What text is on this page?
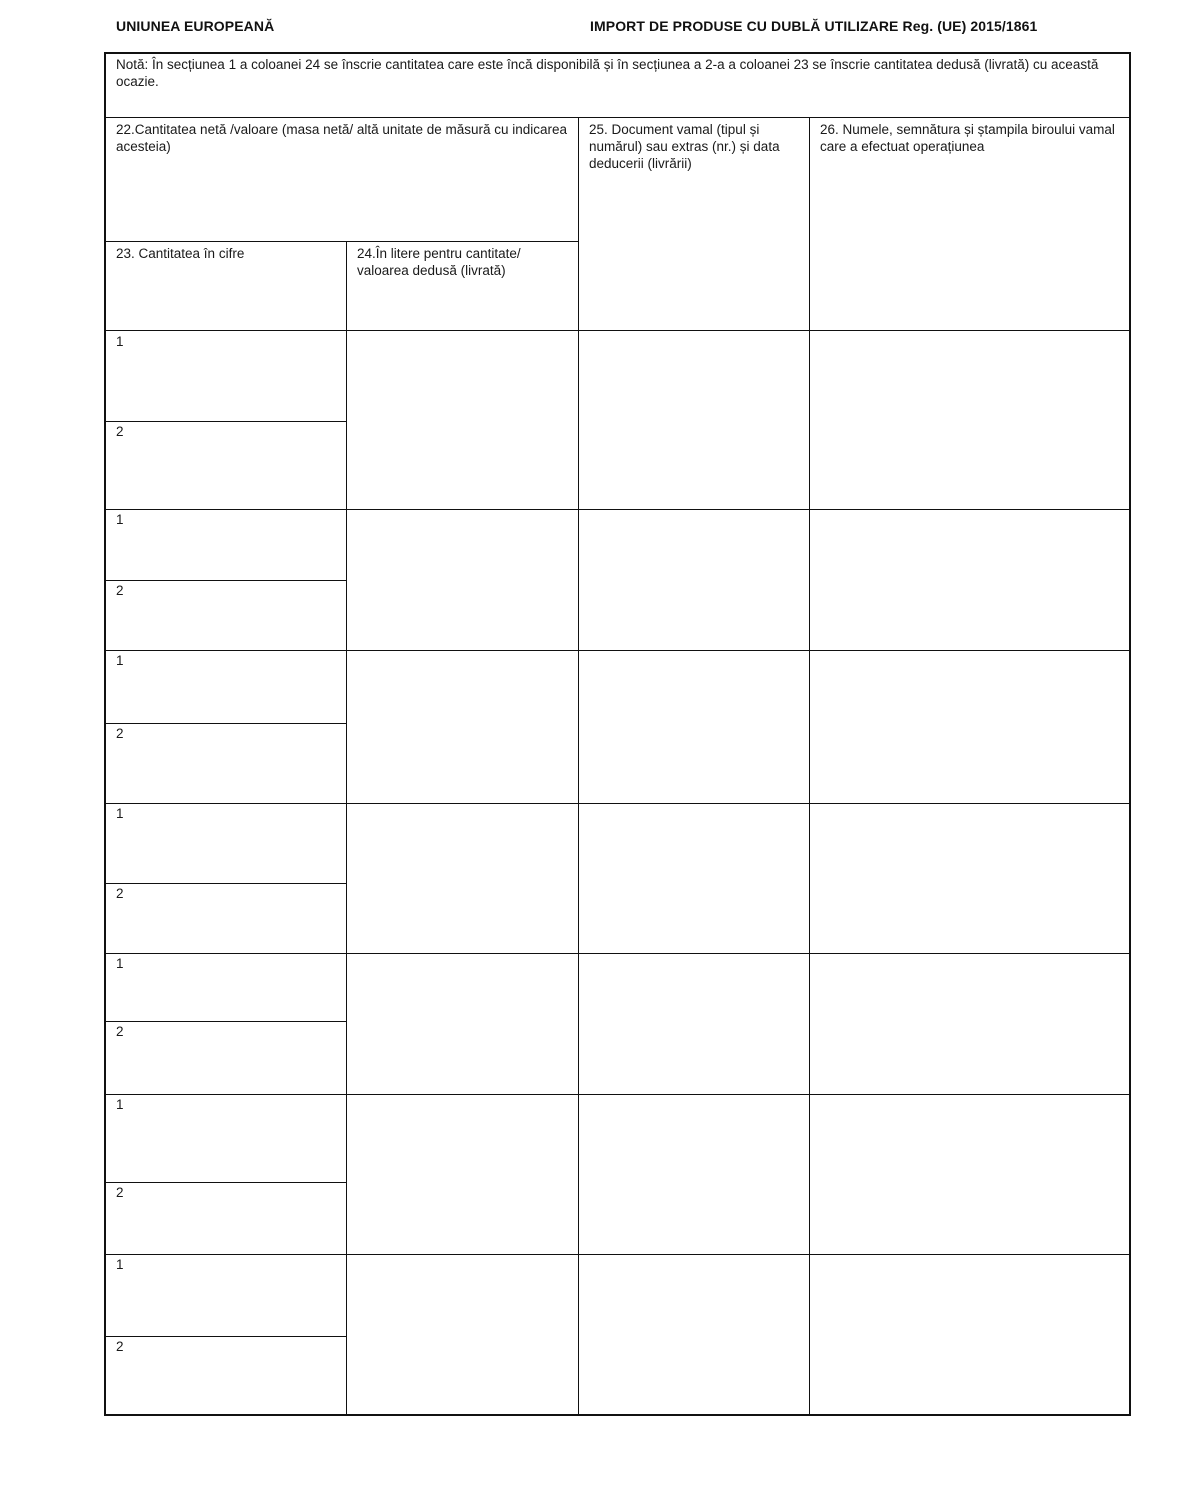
UNIUNEA EUROPEANĂ	IMPORT DE PRODUSE CU DUBLĂ UTILIZARE Reg. (UE) 2015/1861
Notă: În secțiunea 1 a coloanei 24 se înscrie cantitatea care este încă disponibilă și în secțiunea a 2-a a coloanei 23 se înscrie cantitatea dedusă (livrată) cu această ocazie.
22.Cantitatea netă /valoare (masa netă/ altă unitate de măsură cu indicarea acesteia)
25. Document vamal (tipul și numărul) sau extras (nr.) și data deducerii (livrării)
26. Numele, semnătura și ștampila biroului vamal care a efectuat operațiunea
23. Cantitatea în cifre	24.În litere pentru cantitate/ valoarea dedusă (livrată)
1
2
1
2
1
2
1
2
1
2
1
2
1
2
